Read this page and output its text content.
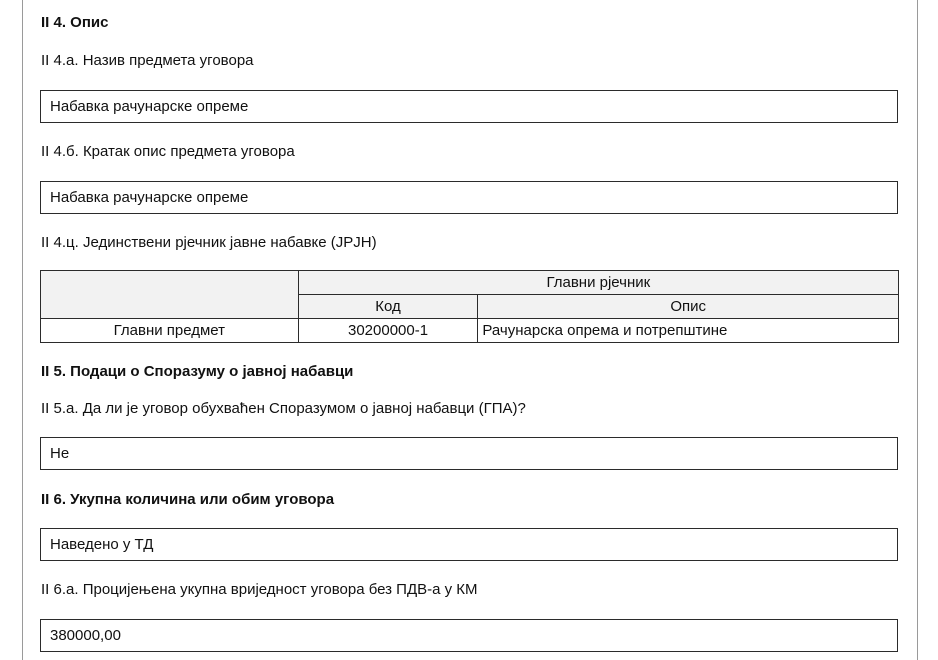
II 4. Опис
II 4.а. Назив предмета уговора
Набавка рачунарске опреме
II 4.б. Кратак опис предмета уговора
Набавка рачунарске опреме
II 4.ц. Јединствени рјечник јавне набавке (ЈРЈН)
	Главни рјечник	
	Код	Опис
Главни предмет	30200000-1	Рачунарска опрема и потрепштине
II 5. Подаци о Споразуму о јавној набавци
II 5.а. Да ли је уговор обухваћен Споразумом о јавној набавци (ГПА)?
Не
II 6. Укупна количина или обим уговора
Наведено у ТД
II 6.а. Процијењена укупна вриједност уговора без ПДВ-а у КМ
380000,00
